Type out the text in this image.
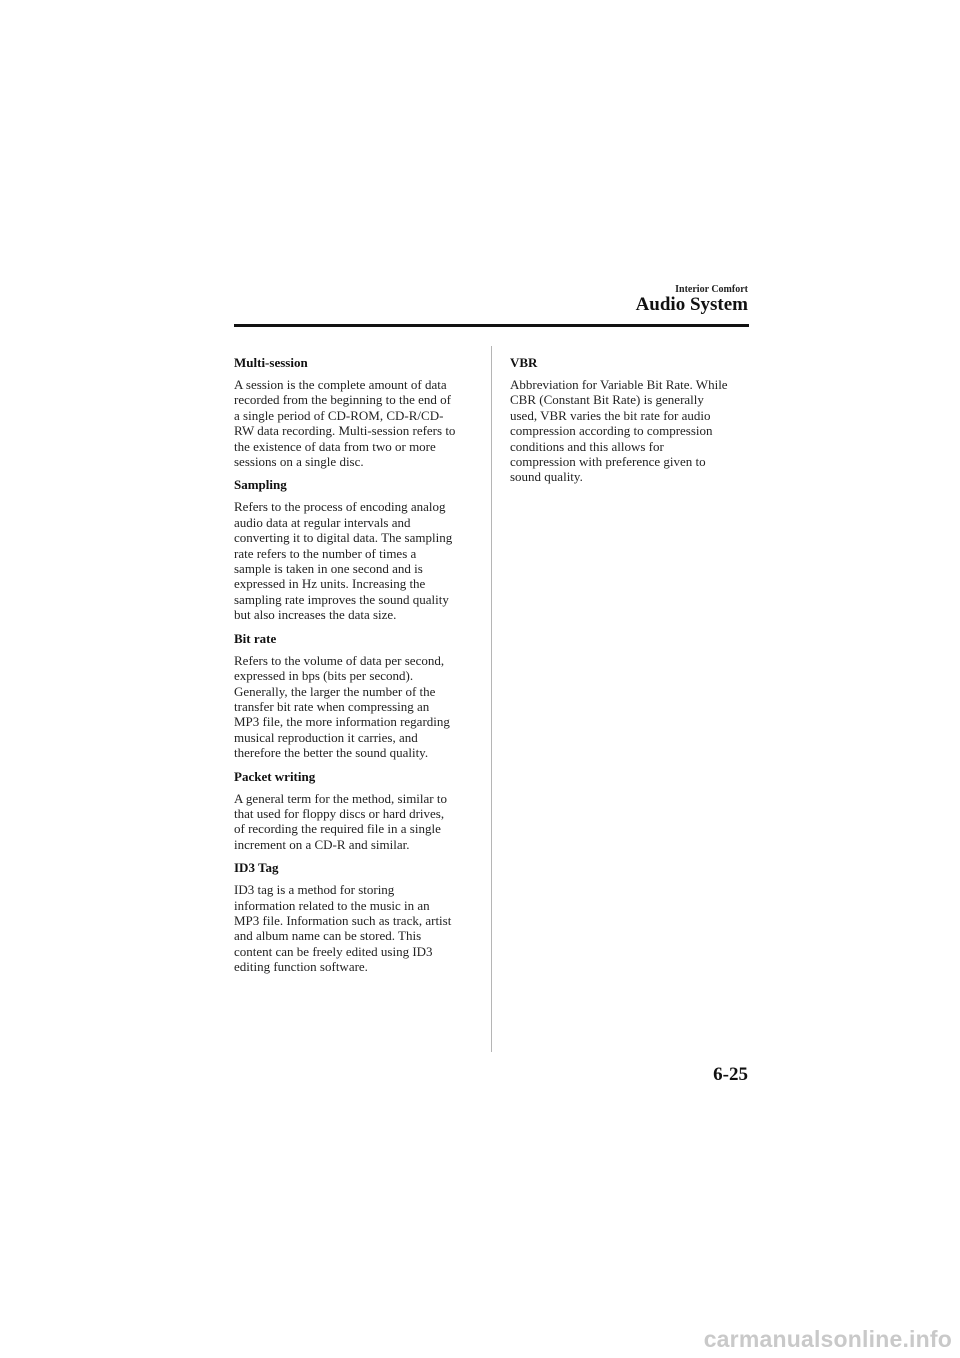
Interior Comfort
Audio System

Multi-session

A session is the complete amount of data
recorded from the beginning to the end of
a single period of CD-ROM, CD-R/CD-
RW data recording. Multi-session refers to
the existence of data from two or more
sessions on a single disc.

Sampling

Refers to the process of encoding analog
audio data at regular intervals and
converting it to digital data. The sampling
rate refers to the number of times a
sample is taken in one second and is
expressed in Hz units. Increasing the
sampling rate improves the sound quality
but also increases the data size.

Bit rate

Refers to the volume of data per second,
expressed in bps (bits per second).
Generally, the larger the number of the
transfer bit rate when compressing an
MP3 file, the more information regarding
musical reproduction it carries, and
therefore the better the sound quality.

Packet writing

A general term for the method, similar to
that used for floppy discs or hard drives,
of recording the required file in a single
increment on a CD-R and similar.

ID3 Tag

ID3 tag is a method for storing
information related to the music in an
MP3 file. Information such as track, artist
and album name can be stored. This
content can be freely edited using ID3
editing function software.

VBR

Abbreviation for Variable Bit Rate. While
CBR (Constant Bit Rate) is generally
used, VBR varies the bit rate for audio
compression according to compression
conditions and this allows for
compression with preference given to
sound quality.

6-25
carmanualsonline.info
